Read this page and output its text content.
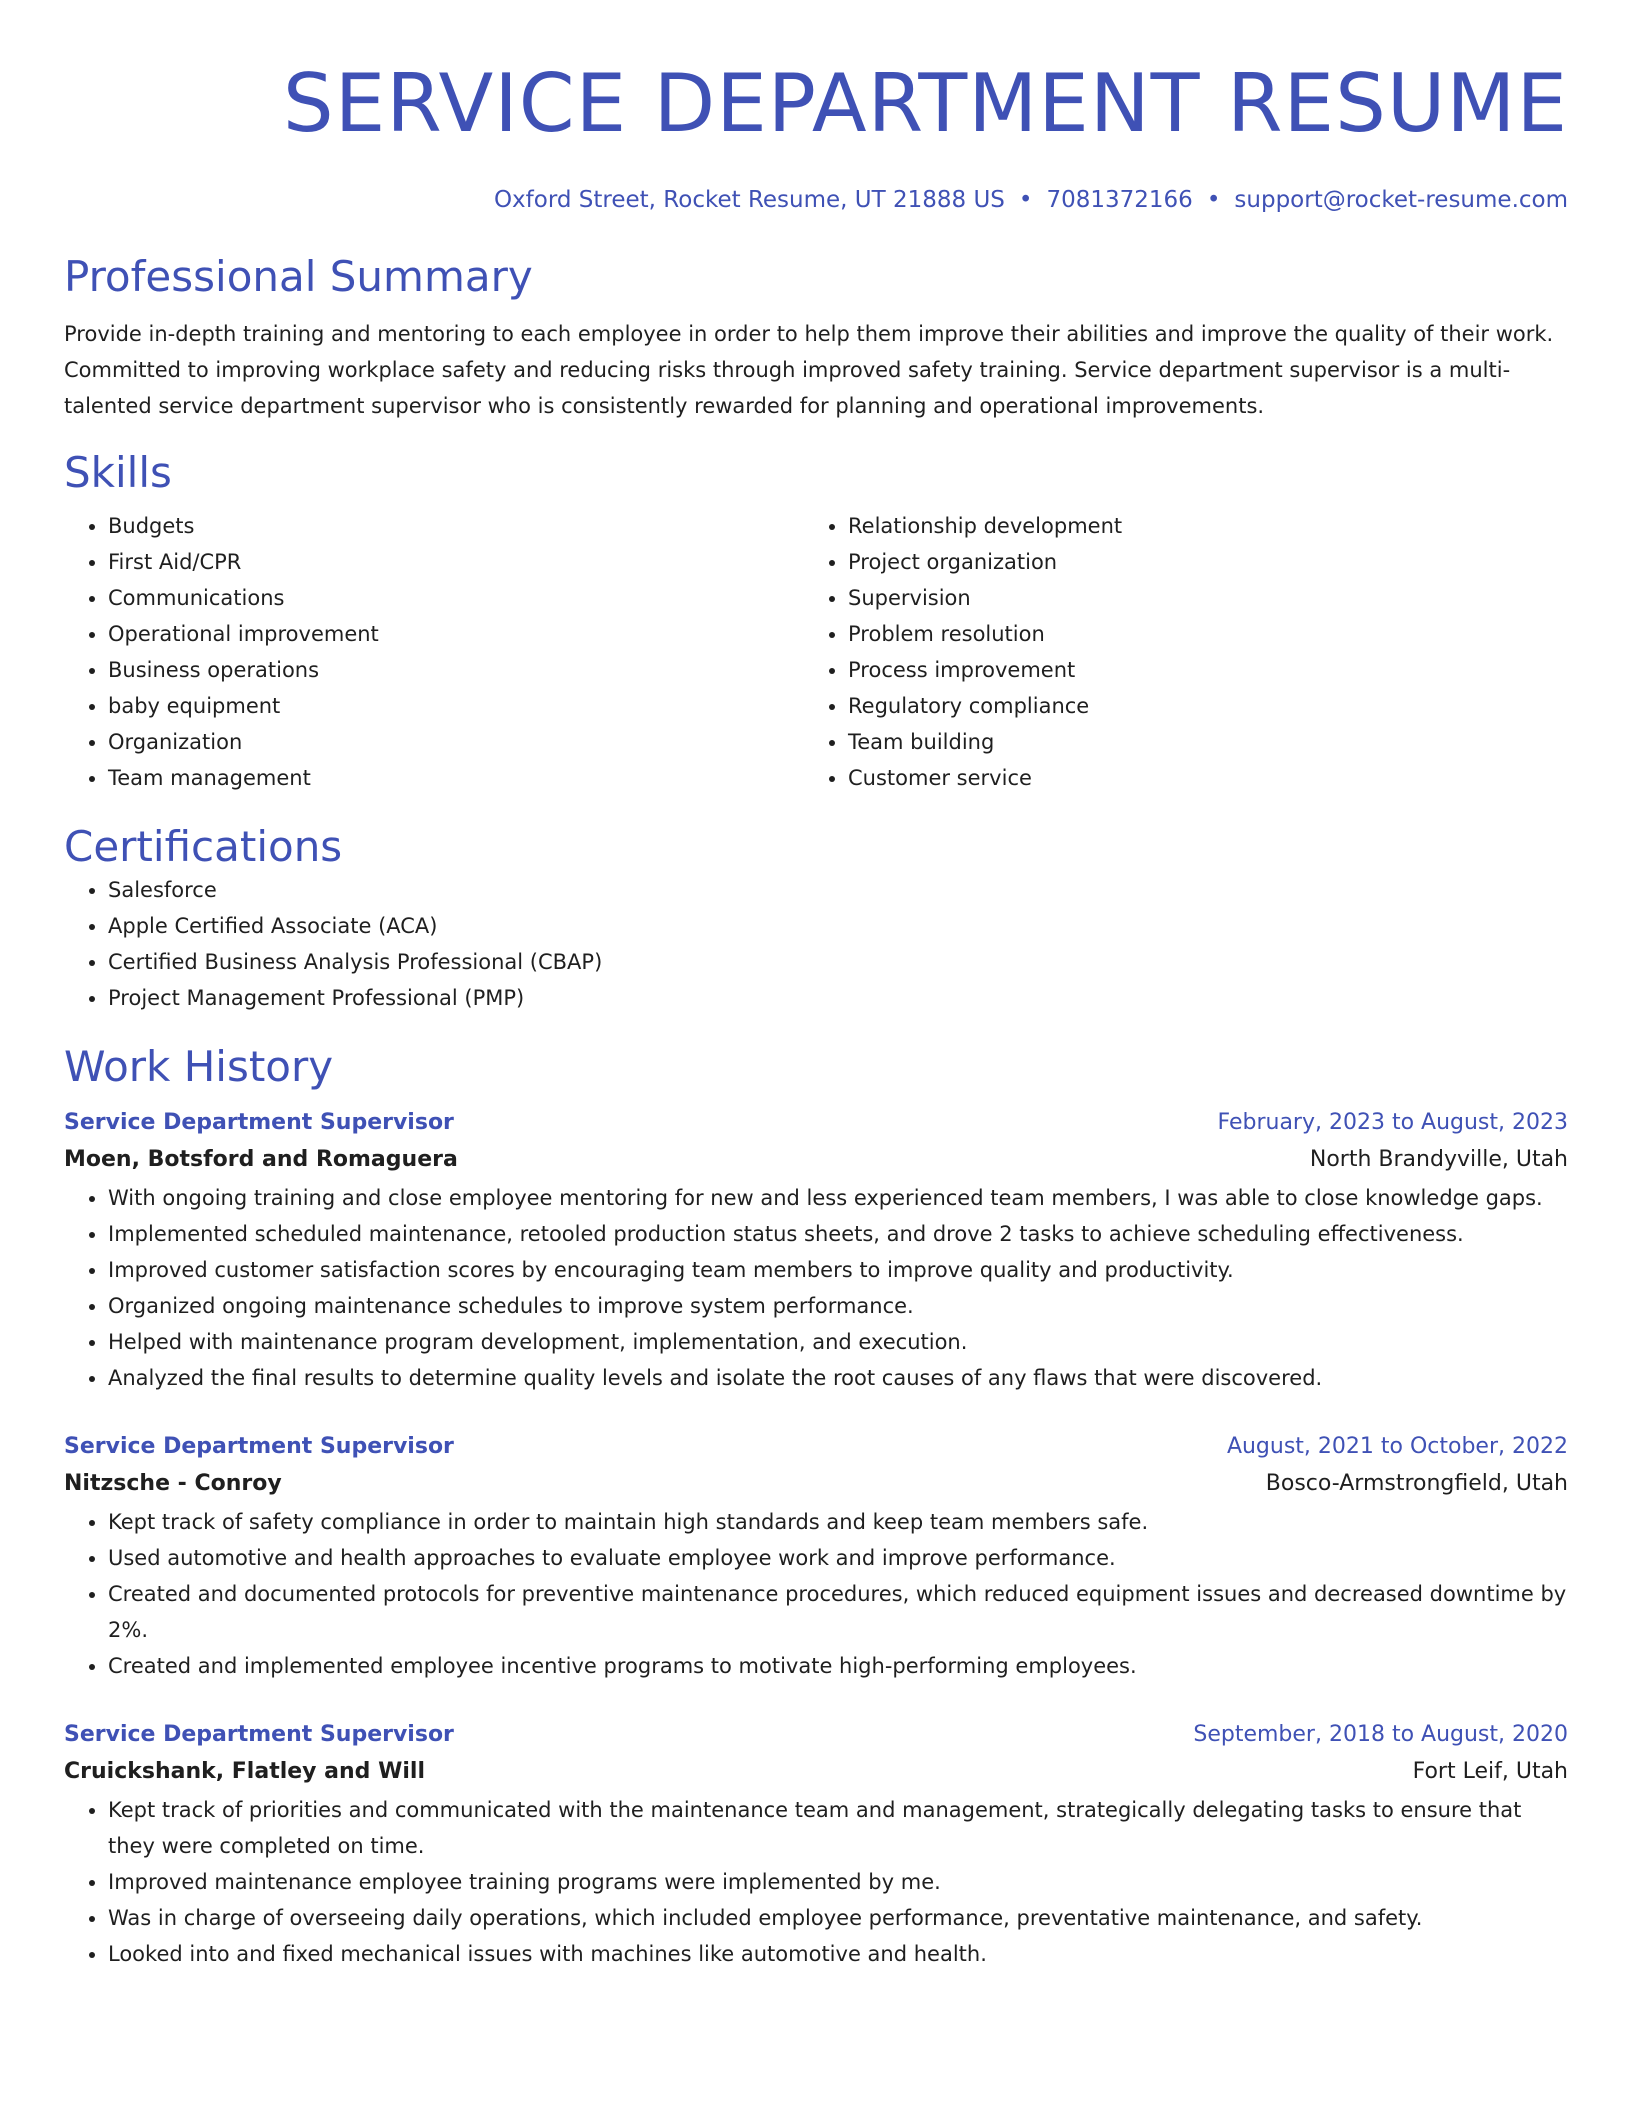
SERVICE DEPARTMENT RESUME
Oxford Street, Rocket Resume, UT 21888 US • 7081372166 • support@rocket-resume.com
Professional Summary

Provide in-depth training and mentoring to each employee in order to help them improve their abilities and improve the quality of their work. Committed to improving workplace safety and reducing risks through improved safety training. Service department supervisor is a multi-talented service department supervisor who is consistently rewarded for planning and operational improvements.

Skills
• Budgets
• First Aid/CPR
• Communications
• Operational improvement
• Business operations
• baby equipment
• Organization
• Team management
• Relationship development
• Project organization
• Supervision
• Problem resolution
• Process improvement
• Regulatory compliance
• Team building
• Customer service
Certifications
• Salesforce
• Apple Certified Associate (ACA)
• Certified Business Analysis Professional (CBAP)
• Project Management Professional (PMP)
Work History
Service Department Supervisor	February, 2023 to August, 2023
Moen, Botsford and Romaguera	North Brandyville, Utah
• With ongoing training and close employee mentoring for new and less experienced team members, I was able to close knowledge gaps.
• Implemented scheduled maintenance, retooled production status sheets, and drove 2 tasks to achieve scheduling effectiveness.
• Improved customer satisfaction scores by encouraging team members to improve quality and productivity.
• Organized ongoing maintenance schedules to improve system performance.
• Helped with maintenance program development, implementation, and execution.
• Analyzed the final results to determine quality levels and isolate the root causes of any flaws that were discovered.
Service Department Supervisor	August, 2021 to October, 2022
Nitzsche - Conroy	Bosco-Armstrongfield, Utah
• Kept track of safety compliance in order to maintain high standards and keep team members safe.
• Used automotive and health approaches to evaluate employee work and improve performance.
• Created and documented protocols for preventive maintenance procedures, which reduced equipment issues and decreased downtime by 2%.
• Created and implemented employee incentive programs to motivate high-performing employees.
Service Department Supervisor	September, 2018 to August, 2020
Cruickshank, Flatley and Will	Fort Leif, Utah
• Kept track of priorities and communicated with the maintenance team and management, strategically delegating tasks to ensure that they were completed on time.
• Improved maintenance employee training programs were implemented by me.
• Was in charge of overseeing daily operations, which included employee performance, preventative maintenance, and safety.
• Looked into and fixed mechanical issues with machines like automotive and health.
